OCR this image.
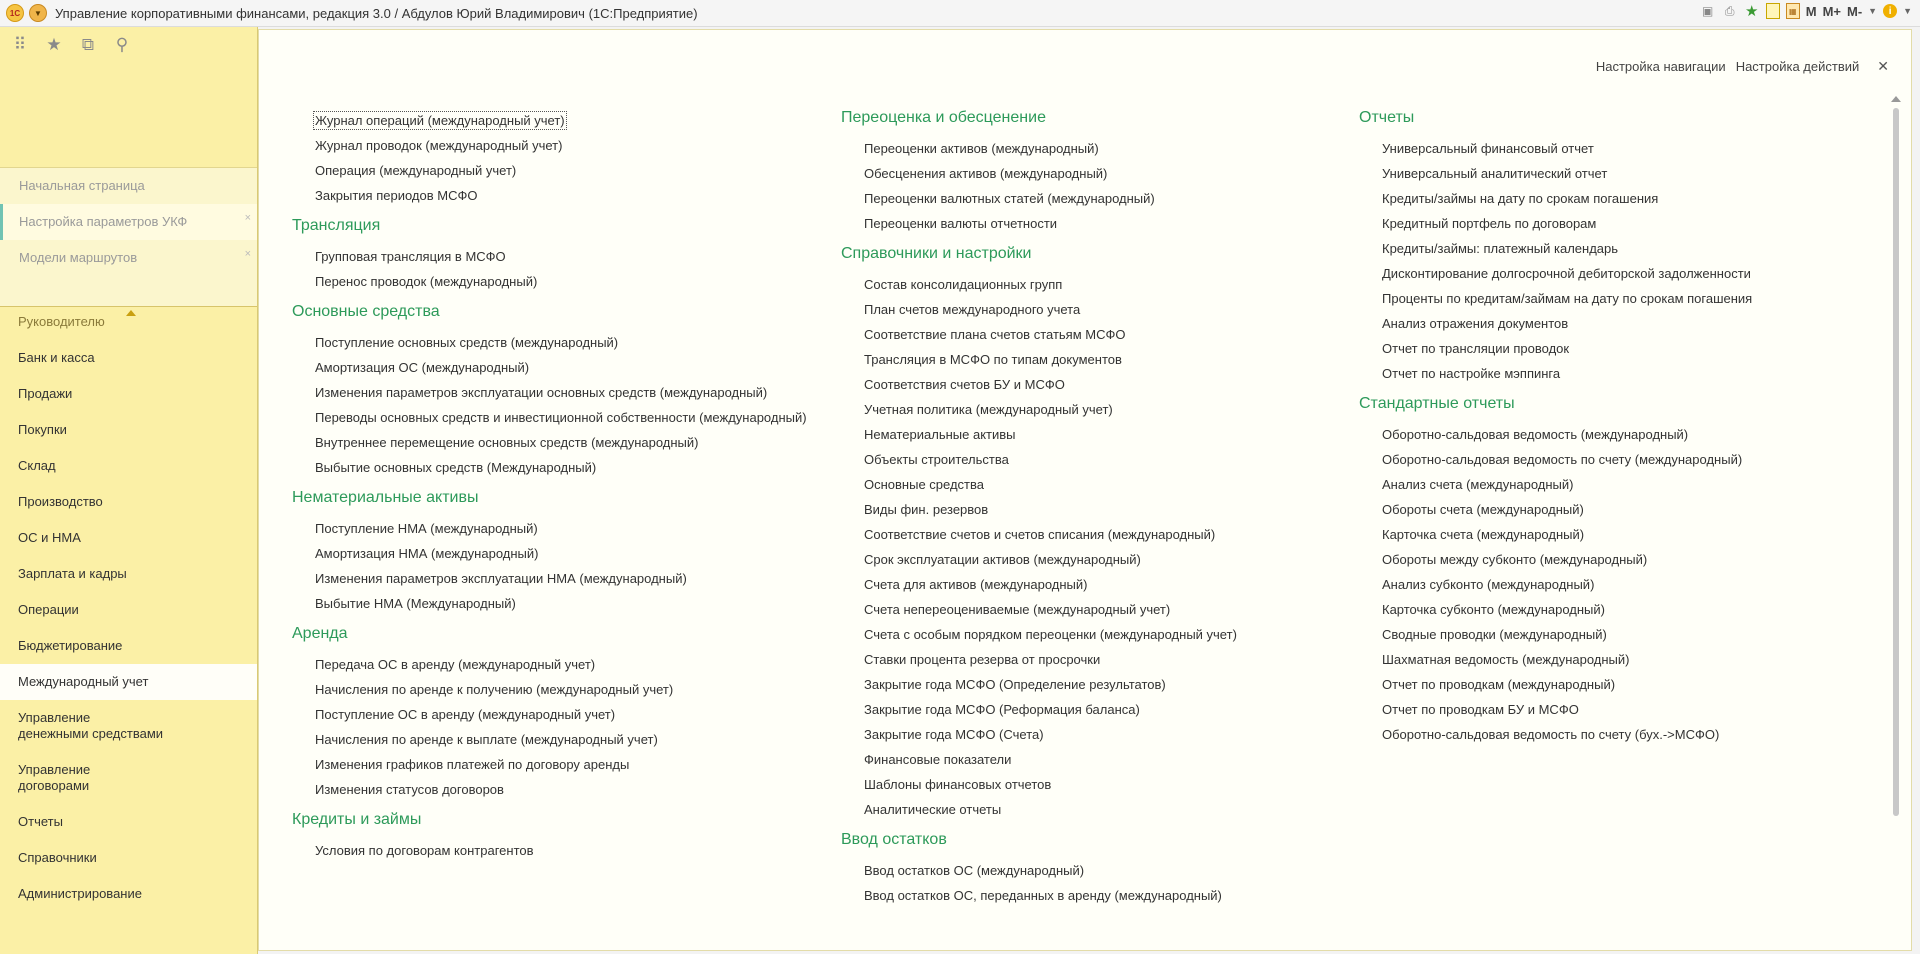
1С	▼	Управление корпоративными финансами, редакция 3.0 / Абдулов Юрий Владимирович (1С:Предприятие)	▣ ⎙ ★	▦ M M+ M- ▼	i	▼
⠿ ★ ⧉ ⚲
Начальная страница
Настройка параметров УКФ	×
Модели маршрутов	×
Руководителю
Банк и касса
Продажи
Покупки
Склад
Производство
ОС и НМА
Зарплата и кадры
Операции
Бюджетирование
Международный учет
Управление
денежными средствами
Управление
договорами
Отчеты
Справочники
Администрирование
Настройка навигации Настройка действий ✕
Журнал операций (международный учет)
Журнал проводок (международный учет)
Операция (международный учет)
Закрытия периодов МСФО
Трансляция
Групповая трансляция в МСФО
Перенос проводок (международный)
Основные средства
Поступление основных средств (международный)
Амортизация ОС (международный)
Изменения параметров эксплуатации основных средств (международный)
Переводы основных средств и инвестиционной собственности (международный)
Внутреннее перемещение основных средств (международный)
Выбытие основных средств (Международный)
Нематериальные активы
Поступление НМА (международный)
Амортизация НМА (международный)
Изменения параметров эксплуатации НМА (международный)
Выбытие НМА (Международный)
Аренда
Передача ОС в аренду (международный учет)
Начисления по аренде к получению (международный учет)
Поступление ОС в аренду (международный учет)
Начисления по аренде к выплате (международный учет)
Изменения графиков платежей по договору аренды
Изменения статусов договоров
Кредиты и займы
Условия по договорам контрагентов
Переоценка и обесценение
Переоценки активов (международный)
Обесценения активов (международный)
Переоценки валютных статей (международный)
Переоценки валюты отчетности
Справочники и настройки
Состав консолидационных групп
План счетов международного учета
Соответствие плана счетов статьям МСФО
Трансляция в МСФО по типам документов
Соответствия счетов БУ и МСФО
Учетная политика (международный учет)
Нематериальные активы
Объекты строительства
Основные средства
Виды фин. резервов
Соответствие счетов и счетов списания (международный)
Срок эксплуатации активов (международный)
Счета для активов (международный)
Счета непереоцениваемые (международный учет)
Счета с особым порядком переоценки (международный учет)
Ставки процента резерва от просрочки
Закрытие года МСФО (Определение результатов)
Закрытие года МСФО (Реформация баланса)
Закрытие года МСФО (Счета)
Финансовые показатели
Шаблоны финансовых отчетов
Аналитические отчеты
Ввод остатков
Ввод остатков ОС (международный)
Ввод остатков ОС, переданных в аренду (международный)
Отчеты
Универсальный финансовый отчет
Универсальный аналитический отчет
Кредиты/займы на дату по срокам погашения
Кредитный портфель по договорам
Кредиты/займы: платежный календарь
Дисконтирование долгосрочной дебиторской задолженности
Проценты по кредитам/займам на дату по срокам погашения
Анализ отражения документов
Отчет по трансляции проводок
Отчет по настройке мэппинга
Стандартные отчеты
Оборотно-сальдовая ведомость (международный)
Оборотно-сальдовая ведомость по счету (международный)
Анализ счета (международный)
Обороты счета (международный)
Карточка счета (международный)
Обороты между субконто (международный)
Анализ субконто (международный)
Карточка субконто (международный)
Сводные проводки (международный)
Шахматная ведомость (международный)
Отчет по проводкам (международный)
Отчет по проводкам БУ и МСФО
Оборотно-сальдовая ведомость по счету (бух.->МСФО)
